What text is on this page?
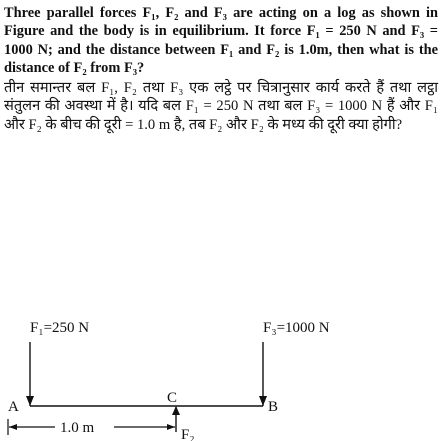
Three parallel forces F₁, F₂ and F₃ are acting on a log as shown in Figure and the body is in equilibrium. It force F₁ = 250 N and F₃ = 1000 N; and the distance between F₁ and F₂ is 1.0m, then what is the distance of F₂ from F₃?

तीन समान्तर बल F₁, F₂ तथा F₃ एक लट्ठे पर चित्रानुसार कार्य करते हैं तथा लट्ठा संतुलन की अवस्था में है। यदि बल F₁ = 250 N तथा बल F₃ = 1000 N हैं और F₁ और F₂ के बीच की दूरी = 1.0 m है, तब F₂ और F₂ के मध्य की दूरी क्या होगी?

F₁=250 N	F₃=1000 N
A
C
B
F₂
1.0 m
